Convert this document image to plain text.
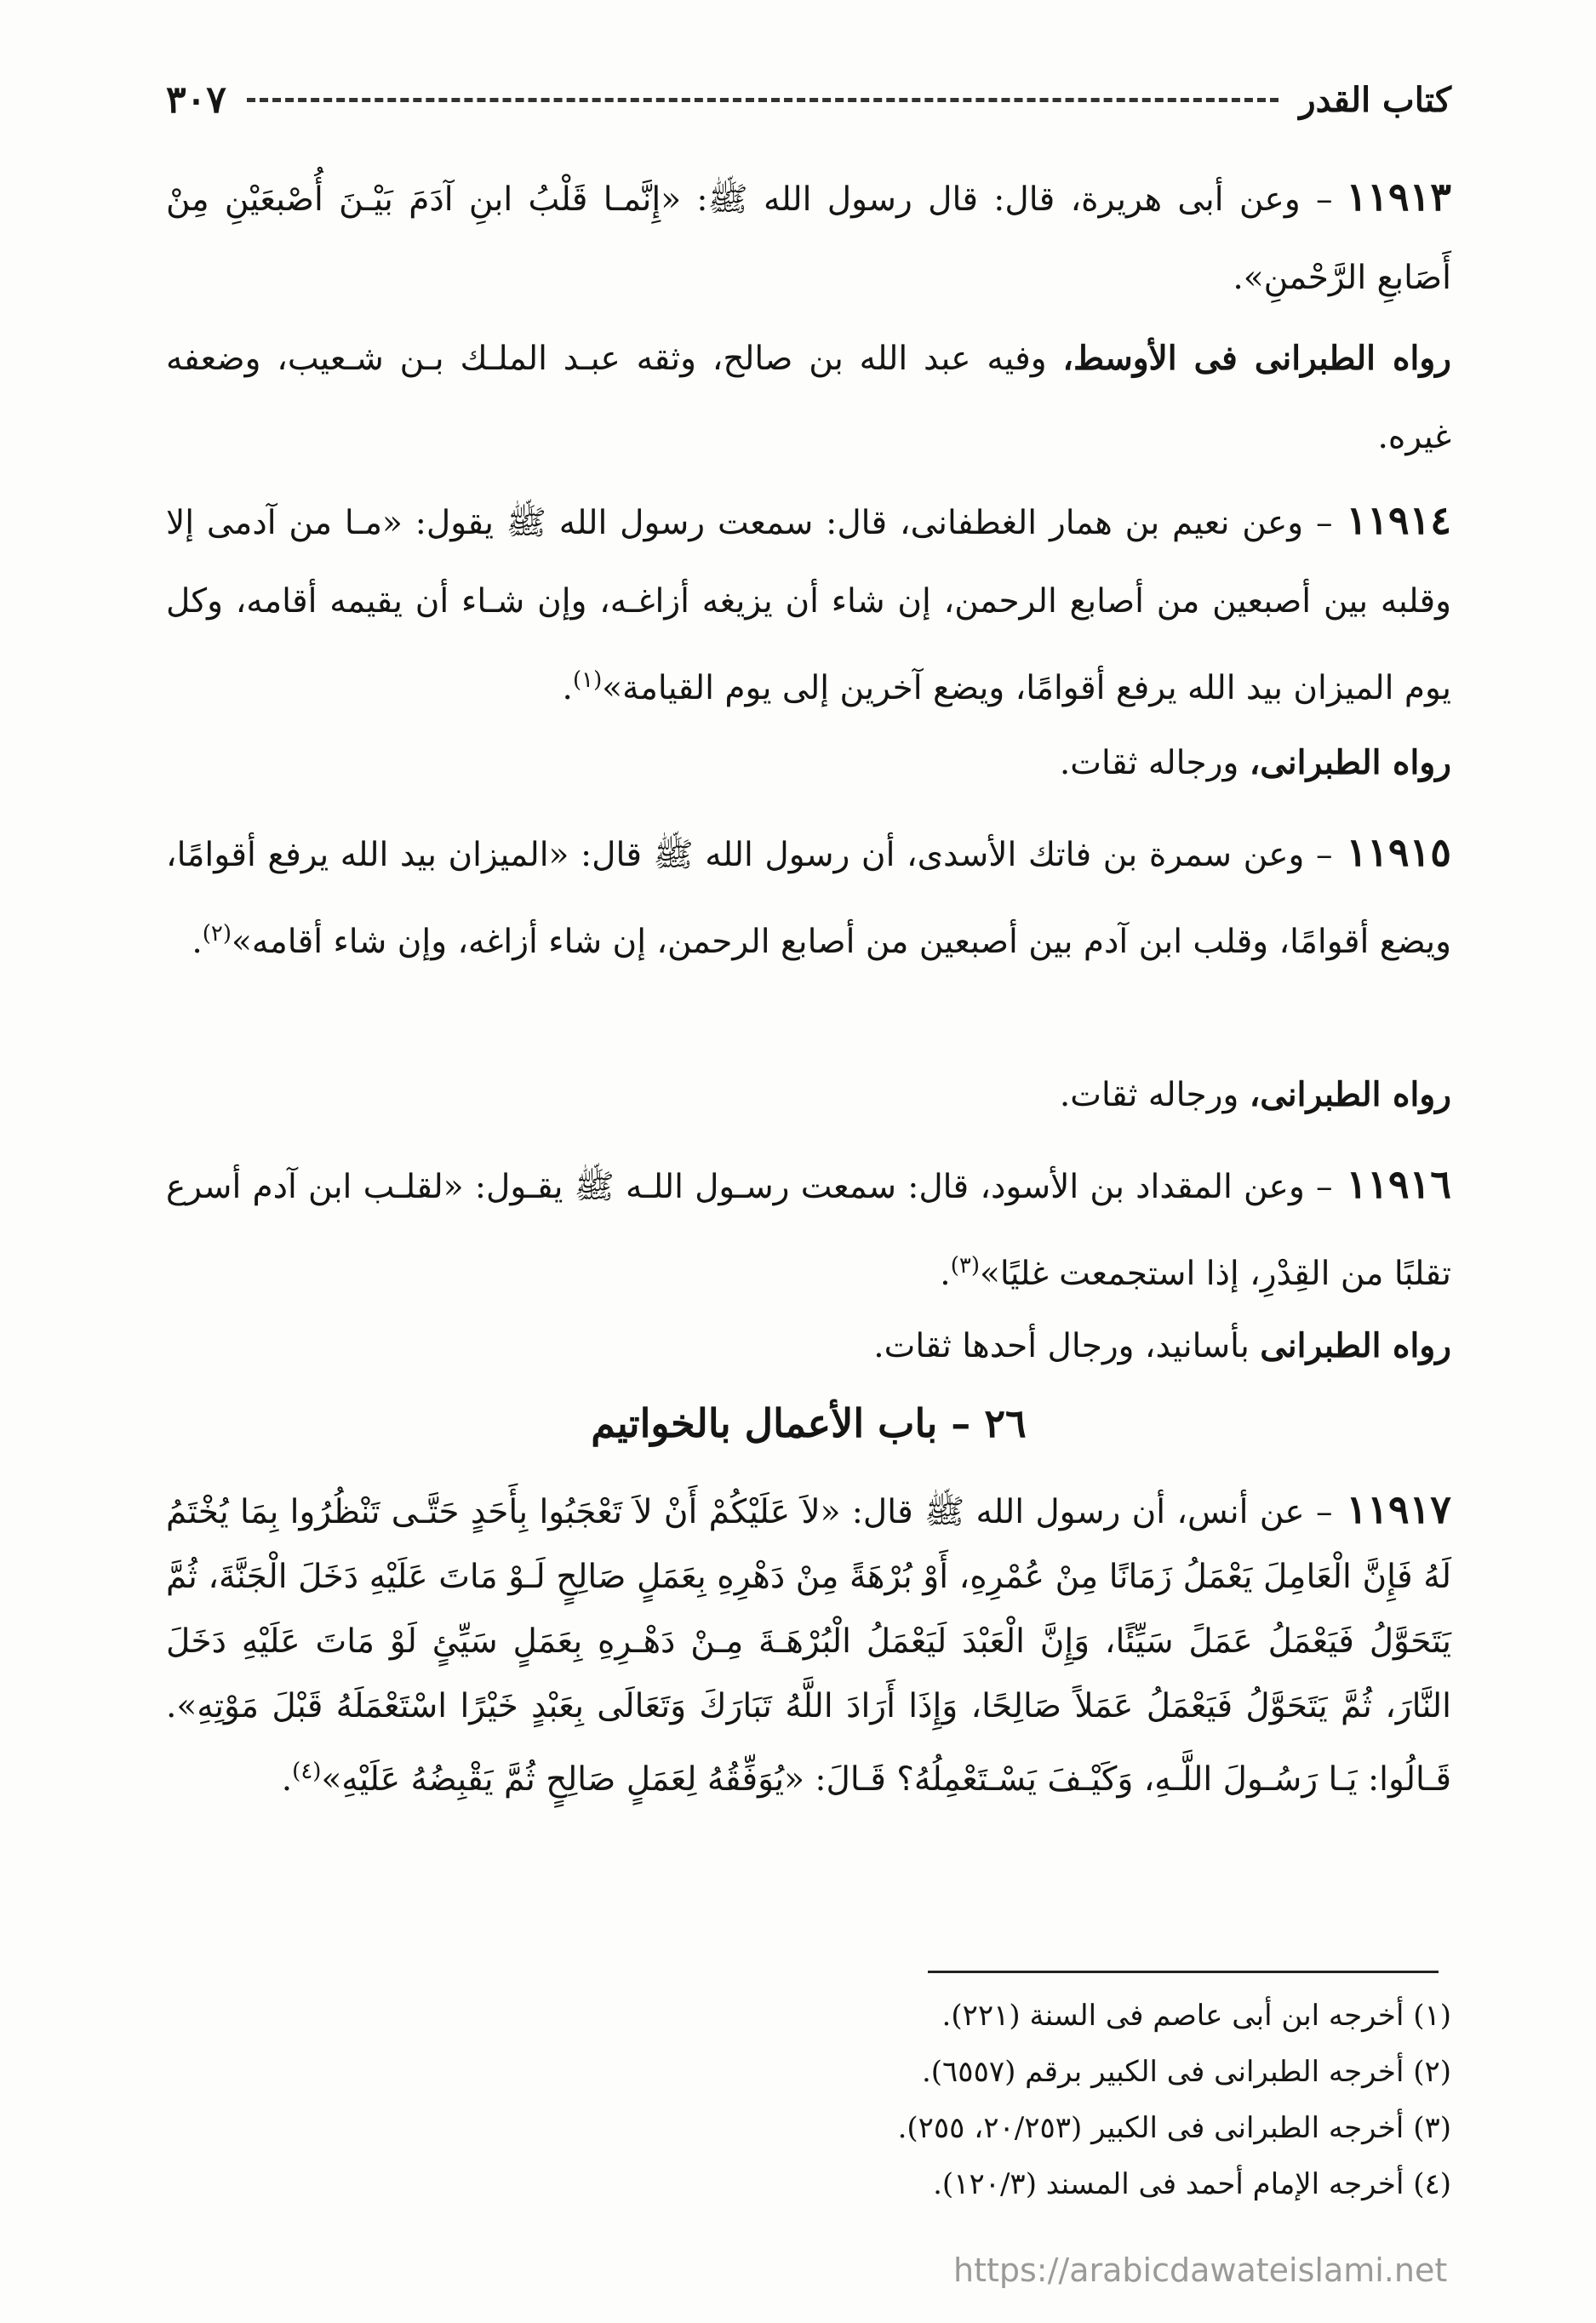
كتاب القدر
٣٠٧
١١٩١٣– وعن أبى هريرة، قال: قال رسول الله ﷺ: «إِنَّمـا قَلْبُ ابنِ آدَمَ بَيْـنَ أُصْبعَيْنِ مِنْ أَصَابعِ الرَّحْمنِ».
رواه الطبرانى فى الأوسط، وفيه عبد الله بن صالح، وثقه عبـد الملـك بـن شـعيب، وضعفه غيره.
١١٩١٤– وعن نعيم بن همار الغطفانى، قال: سمعت رسول الله ﷺ يقول: «مـا من آدمى إلا وقلبه بين أصبعين من أصابع الرحمن، إن شاء أن يزيغه أزاغـه، وإن شـاء أن يقيمه أقامه، وكل يوم الميزان بيد الله يرفع أقوامًا، ويضع آخرين إلى يوم القيامة»$^{(١)}$.
رواه الطبرانى، ورجاله ثقات.
١١٩١٥– وعن سمرة بن فاتك الأسدى، أن رسول الله ﷺ قال: «الميزان بيد الله يرفع أقوامًا، ويضع أقوامًا، وقلب ابن آدم بين أصبعين من أصابع الرحمن، إن شاء أزاغه، وإن شاء أقامه»$^{(٢)}$.
رواه الطبرانى، ورجاله ثقات.
١١٩١٦– وعن المقداد بن الأسود، قال: سمعت رسـول اللـه ﷺ يقـول: «لقلـب ابن آدم أسرع تقلبًا من القِدْرِ، إذا استجمعت غليًا»$^{(٣)}$.
رواه الطبرانى بأسانيد، ورجال أحدها ثقات.
٢٦ – باب الأعمال بالخواتيم
١١٩١٧– عن أنس، أن رسول الله ﷺ قال: «لاَ عَلَيْكُمْ أَنْ لاَ تَعْجَبُوا بِأَحَدٍ حَتَّـى تَنْظُرُوا بِمَا يُخْتَمُ لَهُ فَإِنَّ الْعَامِلَ يَعْمَلُ زَمَانًا مِنْ عُمْرِهِ، أَوْ بُرْهَةً مِنْ دَهْرِهِ بِعَمَلٍ صَالِحٍ لَـوْ مَاتَ عَلَيْهِ دَخَلَ الْجَنَّةَ، ثُمَّ يَتَحَوَّلُ فَيَعْمَلُ عَمَلً سَيِّئًا، وَإِنَّ الْعَبْدَ لَيَعْمَلُ الْبُرْهَـةَ مِـنْ دَهْـرِهِ بِعَمَلٍ سَيِّئٍ لَوْ مَاتَ عَلَيْهِ دَخَلَ النَّارَ، ثُمَّ يَتَحَوَّلُ فَيَعْمَلُ عَمَلاً صَالِحًا، وَإِذَا أَرَادَ اللَّهُ تَبَارَكَ وَتَعَالَى بِعَبْدٍ خَيْرًا اسْتَعْمَلَهُ قَبْلَ مَوْتِهِ». قَـالُوا: يَـا رَسُـولَ اللَّـهِ، وَكَيْـفَ يَسْـتَعْمِلُهُ؟ قَـالَ: «يُوَفِّقُهُ لِعَمَلٍ صَالِحٍ ثُمَّ يَقْبِضُهُ عَلَيْهِ»$^{(٤)}$.
(١) أخرجه ابن أبى عاصم فى السنة (٢٢١).
(٢) أخرجه الطبرانى فى الكبير برقم (٦٥٥٧).
(٣) أخرجه الطبرانى فى الكبير (٢٠/٢٥٣، ٢٥٥).
(٤) أخرجه الإمام أحمد فى المسند (١٢٠/٣).
https://arabicdawateislami.net
